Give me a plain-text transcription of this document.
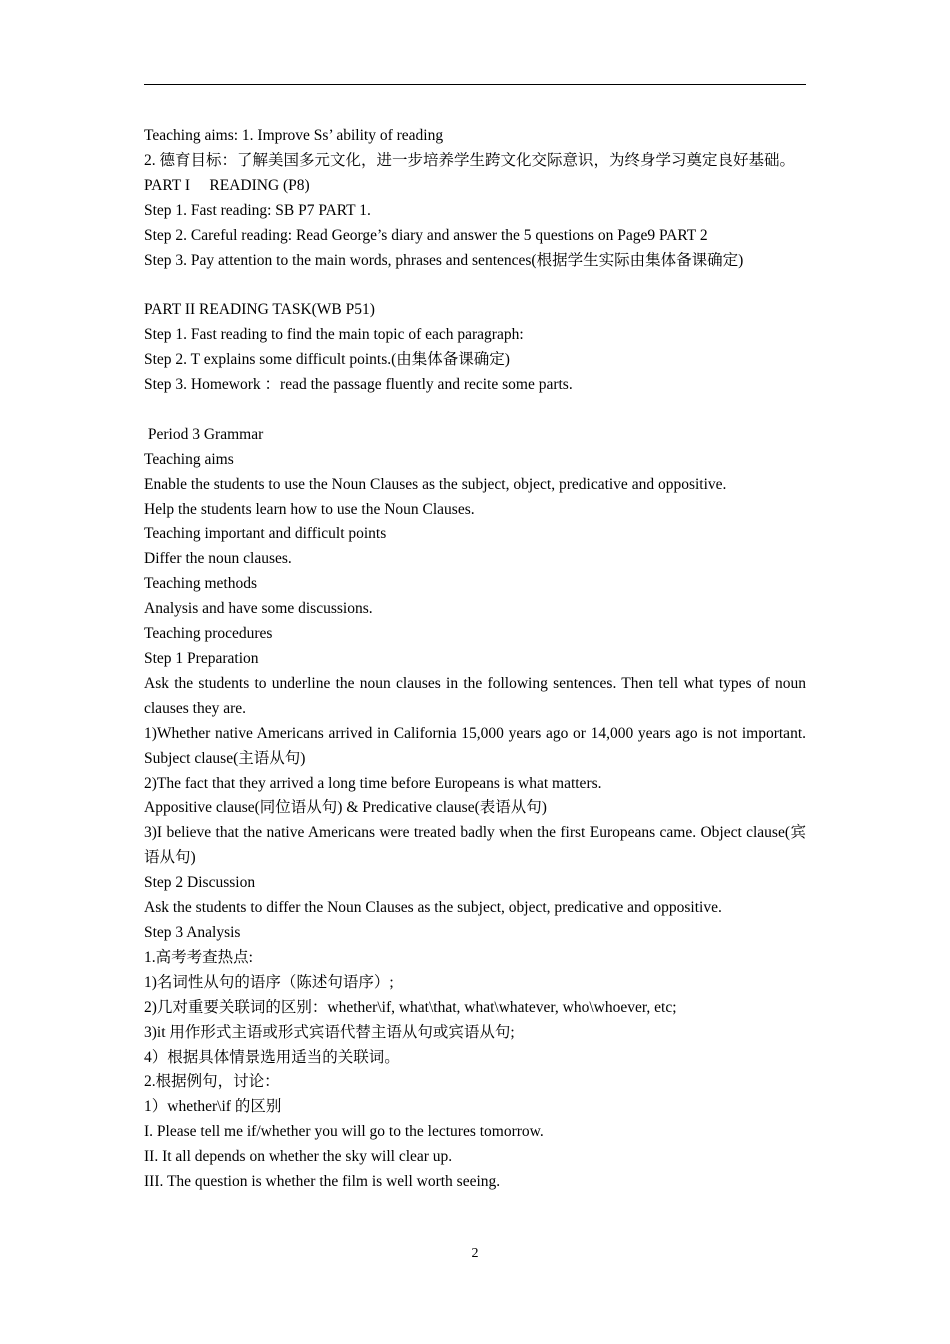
Teaching aims: 1. Improve Ss’ ability of reading

2. 德育目标：了解美国多元文化，进一步培养学生跨文化交际意识，为终身学习奠定良好基础。

PART I　 READING (P8)

Step 1. Fast reading: SB P7 PART 1.

Step 2. Careful reading: Read George’s diary and answer the 5 questions on Page9 PART 2

Step 3. Pay attention to the main words, phrases and sentences(根据学生实际由集体备课确定)

PART II READING TASK(WB P51)

Step 1. Fast reading to find the main topic of each paragraph:

Step 2. T explains some difficult points.(由集体备课确定)

Step 3. Homework ：read the passage fluently and recite some parts.

Period 3 Grammar

Teaching aims

Enable the students to use the Noun Clauses as the subject, object, predicative and oppositive.

Help the students learn how to use the Noun Clauses.

Teaching important and difficult points

Differ the noun clauses.

Teaching methods

Analysis and have some discussions.

Teaching procedures

Step 1 Preparation

Ask the students to underline the noun clauses in the following sentences. Then tell what types of noun clauses they are.

1)Whether native Americans arrived in California 15,000 years ago or 14,000 years ago is not important. Subject clause(主语从句)

2)The fact that they arrived a long time before Europeans is what matters.

Appositive clause(同位语从句) & Predicative clause(表语从句)

3)I believe that the native Americans were treated badly when the first Europeans came. Object clause(宾语从句)

Step 2 Discussion

Ask the students to differ the Noun Clauses as the subject, object, predicative and oppositive.

Step 3 Analysis

1.高考考查热点:

1)名词性从句的语序（陈述句语序）;

2)几对重要关联词的区别：whether\if, what\that, what\whatever, who\whoever, etc;

3)it 用作形式主语或形式宾语代替主语从句或宾语从句;

4）根据具体情景选用适当的关联词。

2.根据例句，讨论：

1）whether\if 的区别

I. Please tell me if/whether you will go to the lectures tomorrow.

II. It all depends on whether the sky will clear up.

III. The question is whether the film is well worth seeing.

2
